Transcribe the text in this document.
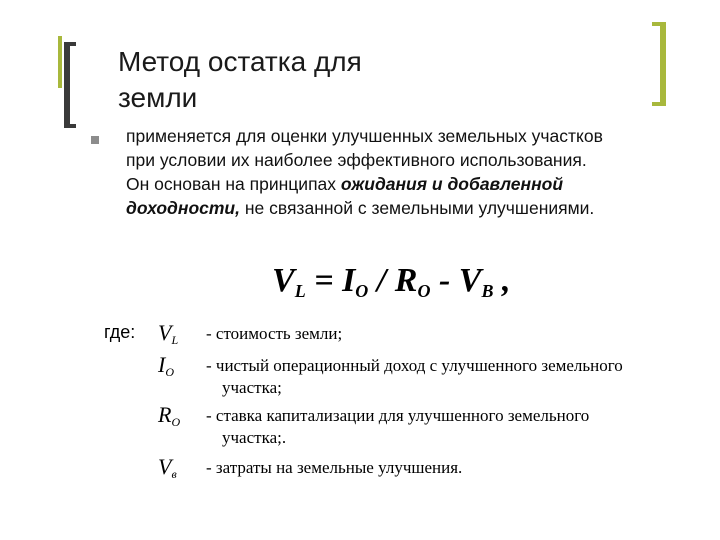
Метод остатка для
земли
применяется для оценки улучшенных земельных участков
при условии их наиболее эффективного использования.
Он основан на принципах ожидания и добавленной
доходности, не связанной с земельными улучшениями.
$V_L = I_O / R_O - V_B$ ,
где: $V_L$ - стоимость земли;
$I_O$ - чистый операционный доход с улучшенного земельного
участка;
$R_O$ - ставка капитализации для улучшенного земельного
участка;.
$V_в$ - затраты на земельные улучшения.
